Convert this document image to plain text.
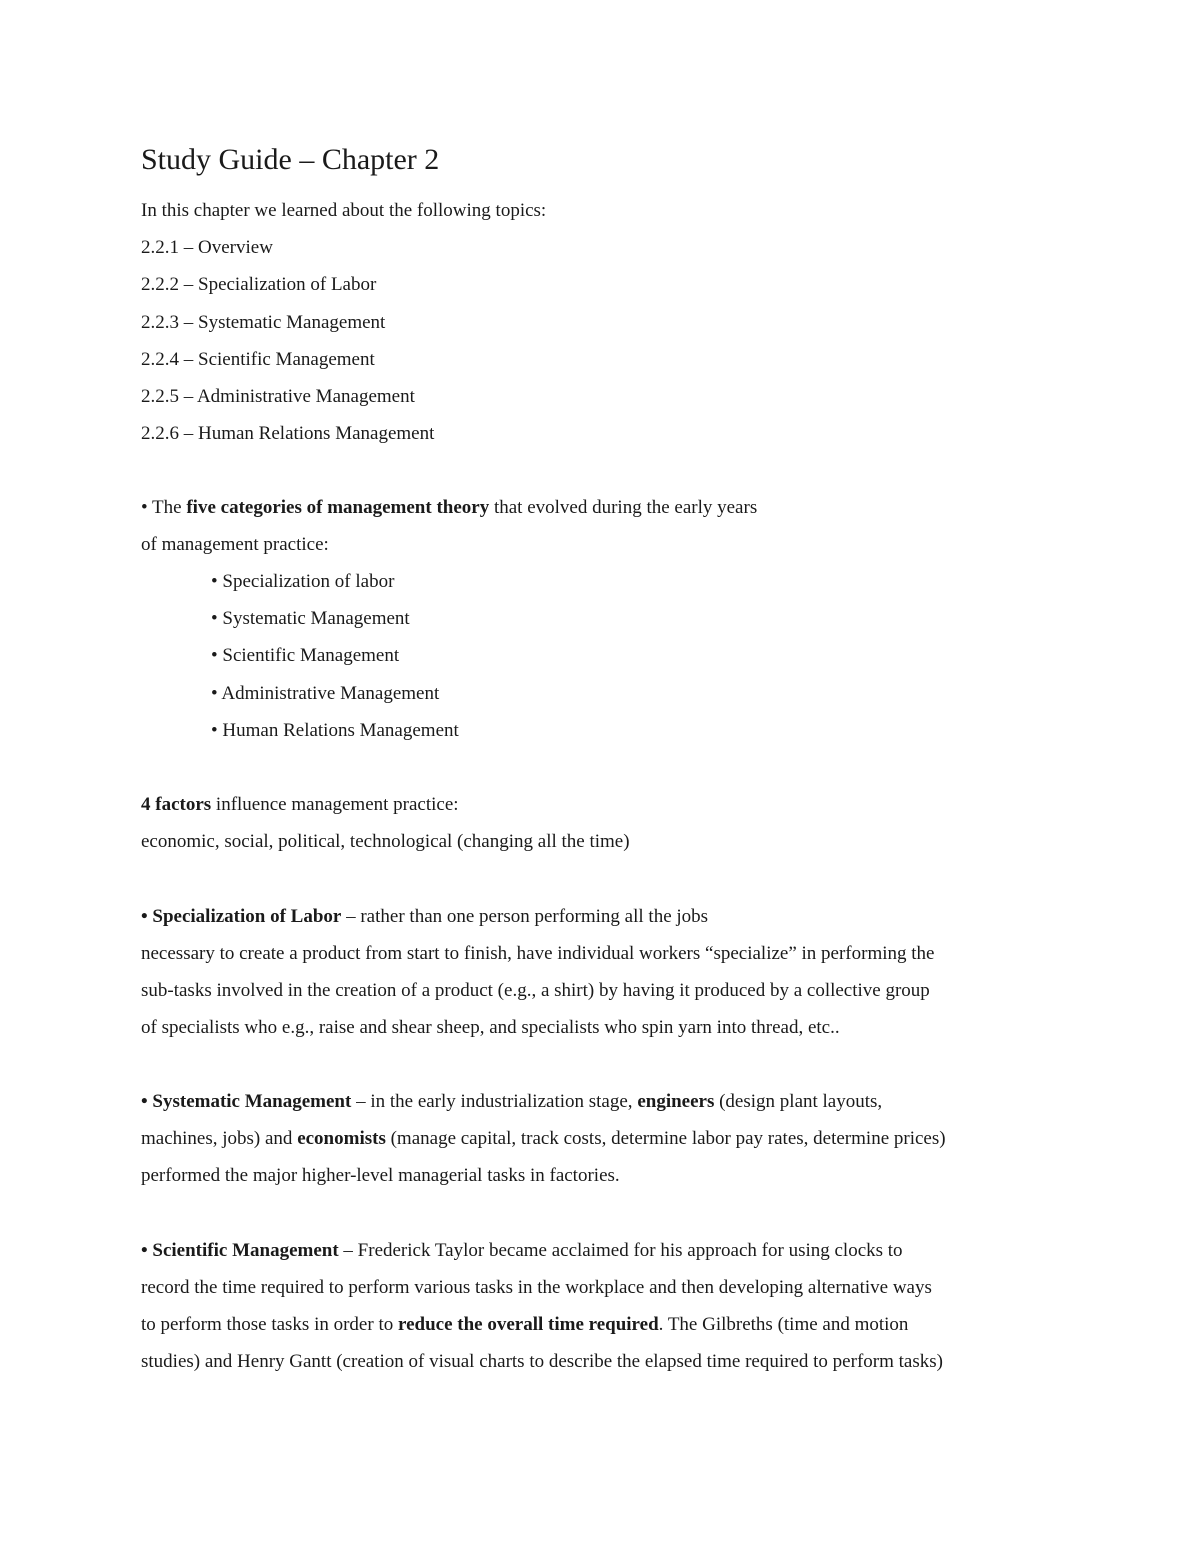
Study Guide – Chapter 2
In this chapter we learned about the following topics:
2.2.1 – Overview
2.2.2 – Specialization of Labor
2.2.3 – Systematic Management
2.2.4 – Scientific Management
2.2.5 – Administrative Management
2.2.6 – Human Relations Management
• The five categories of management theory that evolved during the early years
of management practice:
• Specialization of labor
• Systematic Management
• Scientific Management
• Administrative Management
• Human Relations Management
4 factors influence management practice:
economic, social, political, technological (changing all the time)
• Specialization of Labor – rather than one person performing all the jobs
necessary to create a product from start to finish, have individual workers “specialize” in performing the
sub-tasks involved in the creation of a product (e.g., a shirt) by having it produced by a collective group
of specialists who e.g., raise and shear sheep, and specialists who spin yarn into thread, etc..
• Systematic Management – in the early industrialization stage, engineers (design plant layouts,
machines, jobs) and economists (manage capital, track costs, determine labor pay rates, determine prices)
performed the major higher-level managerial tasks in factories.
• Scientific Management – Frederick Taylor became acclaimed for his approach for using clocks to
record the time required to perform various tasks in the workplace and then developing alternative ways
to perform those tasks in order to reduce the overall time required. The Gilbreths (time and motion
studies) and Henry Gantt (creation of visual charts to describe the elapsed time required to perform tasks)
